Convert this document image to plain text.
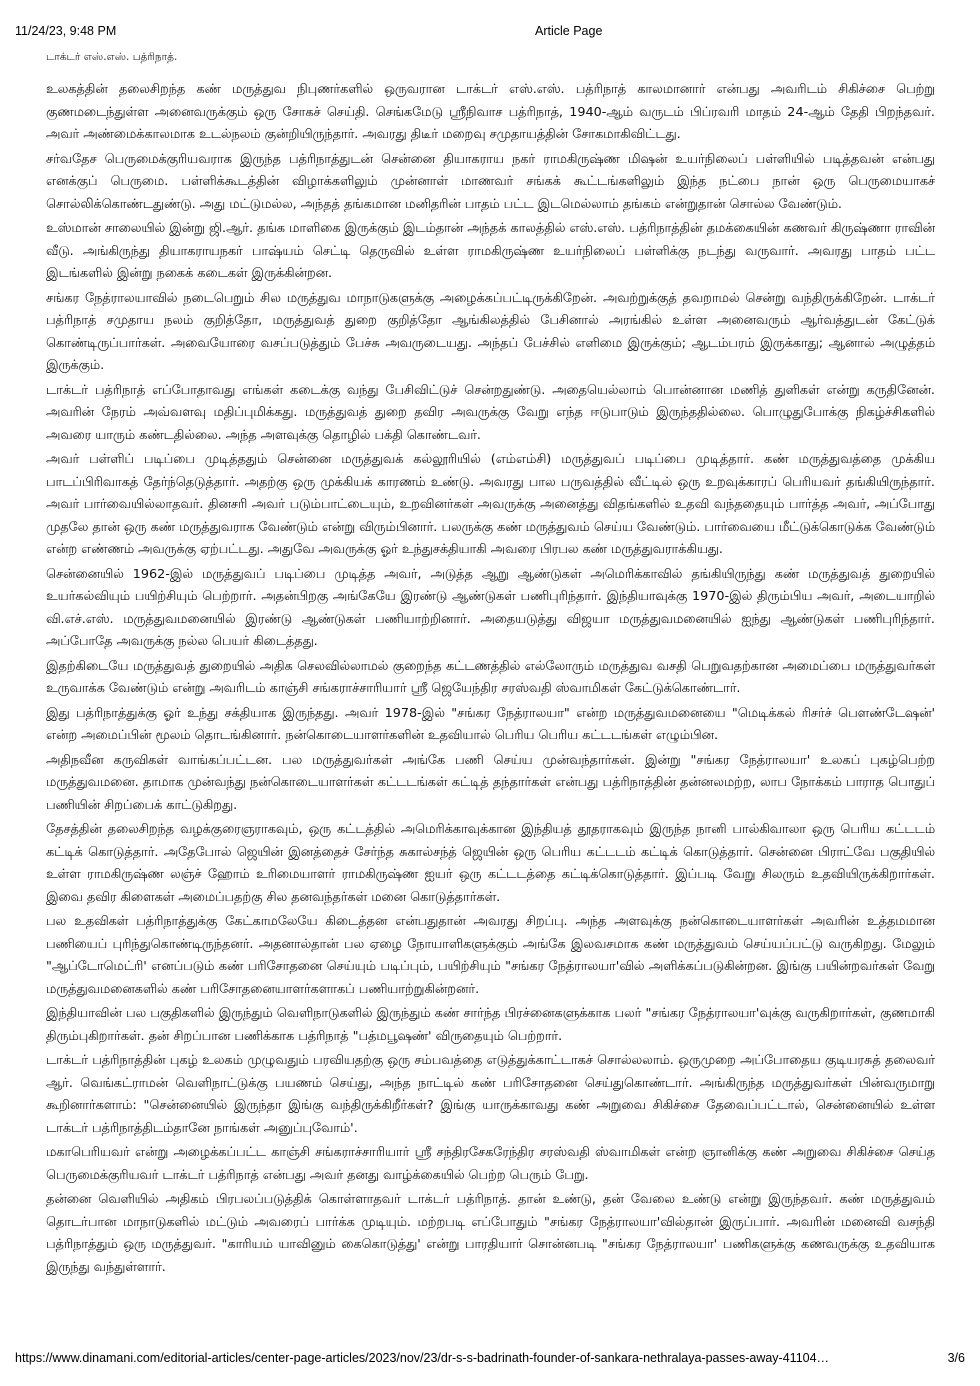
11/24/23, 9:48 PM	Article Page
டாக்டர் எஸ்.எஸ். பத்ரிநாத்.

உலகத்தின் தலைசிறந்த கண் மருத்துவ நிபுணர்களில் ஒருவரான டாக்டர் எஸ்.எஸ். பத்ரிநாத் காலமானார் என்பது அவரிடம் சிகிச்சை பெற்று குணமடைந்துள்ள அனைவருக்கும் ஒரு சோகச் செய்தி. செங்கமேடு ஸ்ரீநிவாச பத்ரிநாத், 1940-ஆம் வருடம் பிப்ரவரி மாதம் 24-ஆம் தேதி பிறந்தவர். அவர் அண்மைக்காலமாக உடல்நலம் குன்றியிருந்தார். அவரது திடீர் மறைவு சமுதாயத்தின் சோகமாகிவிட்டது.

சர்வதேச பெருமைக்குரியவராக இருந்த பத்ரிநாத்துடன் சென்னை தியாகராய நகர் ராமகிருஷ்ண மிஷன் உயர்நிலைப் பள்ளியில் படித்தவன் என்பது எனக்குப் பெருமை. பள்ளிக்கூடத்தின் விழாக்களிலும் முன்னாள் மாணவர் சங்கக் கூட்டங்களிலும் இந்த நட்பை நான் ஒரு பெருமையாகச் சொல்லிக்கொண்டதுண்டு. அது மட்டுமல்ல, அந்தத் தங்கமான மனிதரின் பாதம் பட்ட இடமெல்லாம் தங்கம் என்றுதான் சொல்ல வேண்டும்.

உஸ்மான் சாலையில் இன்று ஜி.ஆர். தங்க மாளிகை இருக்கும் இடம்தான் அந்தக் காலத்தில் எஸ்.எஸ். பத்ரிநாத்தின் தமக்கையின் கணவர் கிருஷ்ணா ராவின் வீடு. அங்கிருந்து தியாகராயநகர் பாஷ்யம் செட்டி தெருவில் உள்ள ராமகிருஷ்ண உயர்நிலைப் பள்ளிக்கு நடந்து வருவார். அவரது பாதம் பட்ட இடங்களில் இன்று நகைக் கடைகள் இருக்கின்றன.

சங்கர நேத்ராலயாவில் நடைபெறும் சில மருத்துவ மாநாடுகளுக்கு அழைக்கப்பட்டிருக்கிறேன். அவற்றுக்குத் தவறாமல் சென்று வந்திருக்கிறேன். டாக்டர் பத்ரிநாத் சமுதாய நலம் குறித்தோ, மருத்துவத் துறை குறித்தோ ஆங்கிலத்தில் பேசினால் அரங்கில் உள்ள அனைவரும் ஆர்வத்துடன் கேட்டுக் கொண்டிருப்பார்கள். அவையோரை வசப்படுத்தும் பேச்சு அவருடையது. அந்தப் பேச்சில் எளிமை இருக்கும்; ஆடம்பரம் இருக்காது; ஆனால் அழுத்தம் இருக்கும்.

டாக்டர் பத்ரிநாத் எப்போதாவது எங்கள் கடைக்கு வந்து பேசிவிட்டுச் சென்றதுண்டு. அதையெல்லாம் பொன்னான மணித் துளிகள் என்று கருதினேன். அவரின் நேரம் அவ்வளவு மதிப்புமிக்கது. மருத்துவத் துறை தவிர அவருக்கு வேறு எந்த ஈடுபாடும் இருந்ததில்லை. பொழுதுபோக்கு நிகழ்ச்சிகளில் அவரை யாரும் கண்டதில்லை. அந்த அளவுக்கு தொழில் பக்தி கொண்டவர்.

அவர் பள்ளிப் படிப்பை முடித்ததும் சென்னை மருத்துவக் கல்லூரியில் (எம்எம்சி) மருத்துவப் படிப்பை முடித்தார். கண் மருத்துவத்தை முக்கிய பாடப்பிரிவாகத் தேர்ந்தெடுத்தார். அதற்கு ஒரு முக்கியக் காரணம் உண்டு. அவரது பால பருவத்தில் வீட்டில் ஒரு உறவுக்காரப் பெரியவர் தங்கியிருந்தார். அவர் பார்வையில்லாதவர். தினசரி அவர் படும்பாட்டையும், உறவினர்கள் அவருக்கு அனைத்து விதங்களில் உதவி வந்ததையும் பார்த்த அவர், அப்போது முதலே தான் ஒரு கண் மருத்துவராக வேண்டும் என்று விரும்பினார். பலருக்கு கண் மருத்துவம் செய்ய வேண்டும். பார்வையை மீட்டுக்கொடுக்க வேண்டும் என்ற எண்ணம் அவருக்கு ஏற்பட்டது. அதுவே அவருக்கு ஓர் உந்துசக்தியாகி அவரை பிரபல கண் மருத்துவராக்கியது.

சென்னையில் 1962-இல் மருத்துவப் படிப்பை முடித்த அவர், அடுத்த ஆறு ஆண்டுகள் அமெரிக்காவில் தங்கியிருந்து கண் மருத்துவத் துறையில் உயர்கல்வியும் பயிற்சியும் பெற்றார். அதன்பிறகு அங்கேயே இரண்டு ஆண்டுகள் பணிபுரிந்தார். இந்தியாவுக்கு 1970-இல் திரும்பிய அவர், அடையாறில் வி.எச்.எஸ். மருத்துவமனையில் இரண்டு ஆண்டுகள் பணியாற்றினார். அதையடுத்து விஜயா மருத்துவமனையில் ஐந்து ஆண்டுகள் பணிபுரிந்தார். அப்போதே அவருக்கு நல்ல பெயர் கிடைத்தது.

இதற்கிடையே மருத்துவத் துறையில் அதிக செலவில்லாமல் குறைந்த கட்டணத்தில் எல்லோரும் மருத்துவ வசதி பெறுவதற்கான அமைப்பை மருத்துவர்கள் உருவாக்க வேண்டும் என்று அவரிடம் காஞ்சி சங்கராச்சாரியார் ஸ்ரீ ஜெயேந்திர சரஸ்வதி ஸ்வாமிகள் கேட்டுக்கொண்டார்.

இது பத்ரிநாத்துக்கு ஓர் உந்து சக்தியாக இருந்தது. அவர் 1978-இல் "சங்கர நேத்ராலயா" என்ற மருத்துவமனையை "மெடிக்கல் ரிசர்ச் பௌண்டேஷன்' என்ற அமைப்பின் மூலம் தொடங்கினார். நன்கொடையாளர்களின் உதவியால் பெரிய பெரிய கட்டடங்கள் எழும்பின.

அதிநவீன கருவிகள் வாங்கப்பட்டன. பல மருத்துவர்கள் அங்கே பணி செய்ய முன்வந்தார்கள். இன்று "சங்கர நேத்ராலயா' உலகப் புகழ்பெற்ற மருத்துவமனை. தாமாக முன்வந்து நன்கொடையாளர்கள் கட்டடங்கள் கட்டித் தந்தார்கள் என்பது பத்ரிநாத்தின் தன்னலமற்ற, லாப நோக்கம் பாராத பொதுப் பணியின் சிறப்பைக் காட்டுகிறது.

தேசத்தின் தலைசிறந்த வழக்குரைஞராகவும், ஒரு கட்டத்தில் அமெரிக்காவுக்கான இந்தியத் தூதராகவும் இருந்த நானி பால்கிவாலா ஒரு பெரிய கட்டடம் கட்டிக் கொடுத்தார். அதேபோல் ஜெயின் இனத்தைச் சேர்ந்த சுகால்சந்த் ஜெயின் ஒரு பெரிய கட்டடம் கட்டிக் கொடுத்தார். சென்னை பிராட்வே பகுதியில் உள்ள ராமகிருஷ்ண லஞ்ச் ஹோம் உரிமையாளர் ராமகிருஷ்ண ஐயர் ஒரு கட்டடத்தை கட்டிக்கொடுத்தார். இப்படி வேறு சிலரும் உதவியிருக்கிறார்கள். இவை தவிர கிளைகள் அமைப்பதற்கு சில தனவந்தர்கள் மனை கொடுத்தார்கள்.

பல உதவிகள் பத்ரிநாத்துக்கு கேட்காமலேயே கிடைத்தன என்பதுதான் அவரது சிறப்பு. அந்த அளவுக்கு நன்கொடையாளர்கள் அவரின் உத்தமமான பணியைப் புரிந்துகொண்டிருந்தனர். அதனால்தான் பல ஏழை நோயாளிகளுக்கும் அங்கே இலவசமாக கண் மருத்துவம் செய்யப்பட்டு வருகிறது. மேலும் "ஆப்டோமெட்ரி' எனப்படும் கண் பரிசோதனை செய்யும் படிப்பும், பயிற்சியும் "சங்கர நேத்ராலயா'வில் அளிக்கப்படுகின்றன. இங்கு பயின்றவர்கள் வேறு மருத்துவமனைகளில் கண் பரிசோதனையாளர்களாகப் பணியாற்றுகின்றனர்.

இந்தியாவின் பல பகுதிகளில் இருந்தும் வெளிநாடுகளில் இருந்தும் கண் சார்ந்த பிரச்னைகளுக்காக பலர் "சங்கர நேத்ராலயா'வுக்கு வருகிறார்கள், குணமாகி திரும்புகிறார்கள். தன் சிறப்பான பணிக்காக பத்ரிநாத் "பத்மபூஷண்' விருதையும் பெற்றார்.

டாக்டர் பத்ரிநாத்தின் புகழ் உலகம் முழுவதும் பரவியதற்கு ஒரு சம்பவத்தை எடுத்துக்காட்டாகச் சொல்லலாம். ஒருமுறை அப்போதைய குடியரசுத் தலைவர் ஆர். வெங்கட்ராமன் வெளிநாட்டுக்கு பயணம் செய்து, அந்த நாட்டில் கண் பரிசோதனை செய்துகொண்டார். அங்கிருந்த மருத்துவர்கள் பின்வருமாறு கூறினார்களாம்: "சென்னையில் இருந்தா இங்கு வந்திருக்கிறீர்கள்? இங்கு யாருக்காவது கண் அறுவை சிகிச்சை தேவைப்பட்டால், சென்னையில் உள்ள டாக்டர் பத்ரிநாத்திடம்தானே நாங்கள் அனுப்புவோம்'.

மகாபெரியவர் என்று அழைக்கப்பட்ட காஞ்சி சங்கராச்சாரியார் ஸ்ரீ சந்திரசேகரேந்திர சரஸ்வதி ஸ்வாமிகள் என்ற ஞானிக்கு கண் அறுவை சிகிச்சை செய்த பெருமைக்குரியவர் டாக்டர் பத்ரிநாத் என்பது அவர் தனது வாழ்க்கையில் பெற்ற பெரும் பேறு.

தன்னை வெளியில் அதிகம் பிரபலப்படுத்திக் கொள்ளாதவர் டாக்டர் பத்ரிநாத். தான் உண்டு, தன் வேலை உண்டு என்று இருந்தவர். கண் மருத்துவம் தொடர்பான மாநாடுகளில் மட்டும் அவரைப் பார்க்க முடியும். மற்றபடி எப்போதும் "சங்கர நேத்ராலயா'வில்தான் இருப்பார். அவரின் மனைவி வசந்தி பத்ரிநாத்தும் ஒரு மருத்துவர். "காரியம் யாவினும் கைகொடுத்து' என்று பாரதியார் சொன்னபடி "சங்கர நேத்ராலயா' பணிகளுக்கு கணவருக்கு உதவியாக இருந்து வந்துள்ளார்.

https://www.dinamani.com/editorial-articles/center-page-articles/2023/nov/23/dr-s-s-badrinath-founder-of-sankara-nethralaya-passes-away-41104…	3/6
